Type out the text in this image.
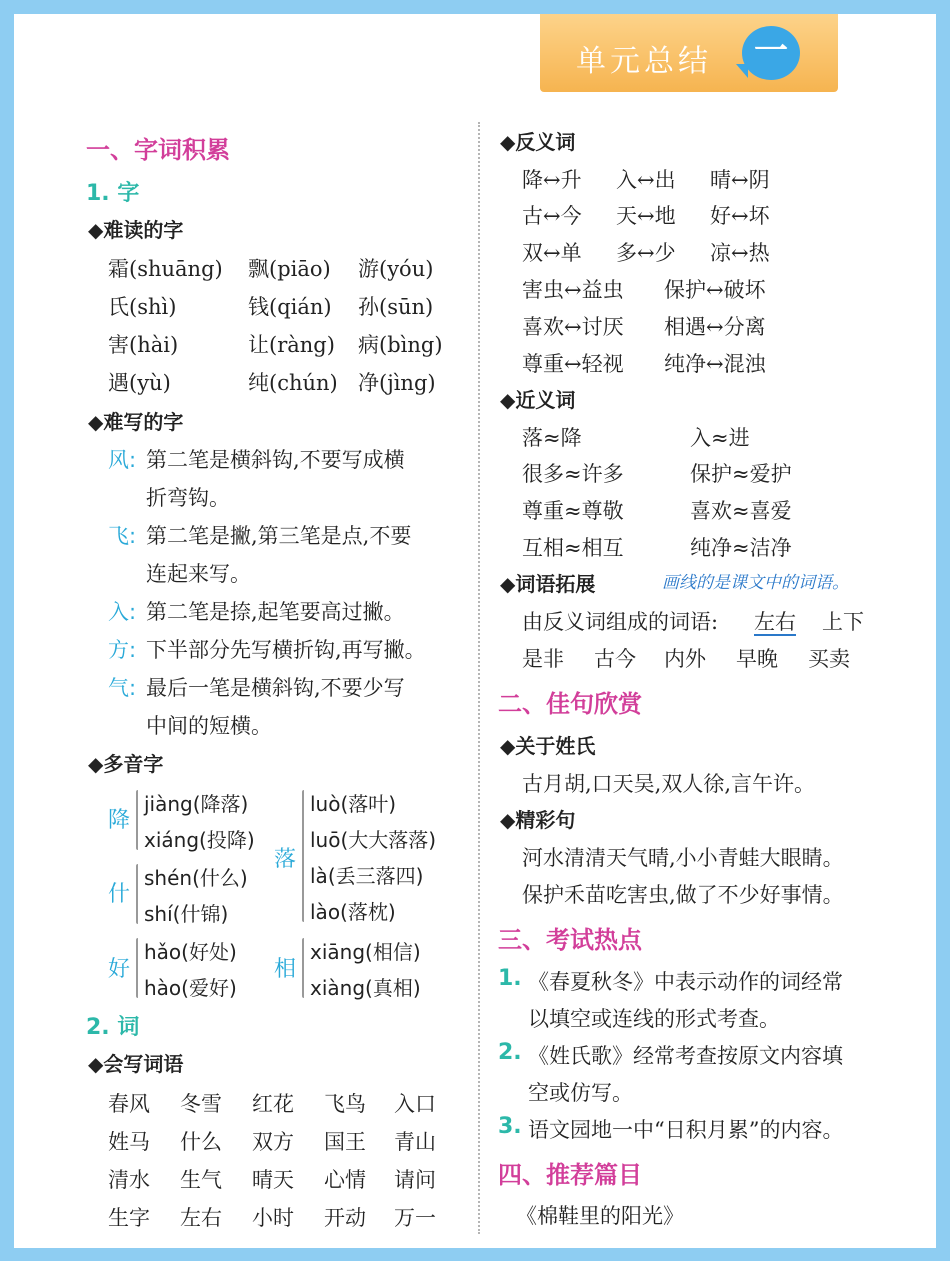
单元总结	一
一、字词积累
1. 字
◆难读的字
霜(shuāng) 飘(piāo) 游(yóu)
氏(shì)	钱(qián) 孙(sūn)
害(hài)	让(ràng) 病(bìng)
遇(yù)	纯(chún) 净(jìng)
◆难写的字
风: 第二笔是横斜钩,不要写成横
折弯钩。
飞: 第二笔是撇,第三笔是点,不要
连起来写。
入: 第二笔是捺,起笔要高过撇。
方: 下半部分先写横折钩,再写撇。
气: 最后一笔是横斜钩,不要少写
中间的短横。
◆多音字
降
jiàng(降落)
xiáng(投降)
什
shén(什么)
shí(什锦)
好
hǎo(好处)
hào(爱好)
落
luò(落叶)
luō(大大落落)
là(丢三落四)
lào(落枕)
相
xiāng(相信)
xiàng(真相)
2. 词
◆会写词语
春风 冬雪 红花 飞鸟 入口
姓马 什么 双方 国王 青山
清水 生气 晴天 心情 请问
生字 左右 小时 开动 万一
◆反义词
降↔升 入↔出 晴↔阴
古↔今 天↔地 好↔坏
双↔单 多↔少 凉↔热
害虫↔益虫 保护↔破坏
喜欢↔讨厌 相遇↔分离
尊重↔轻视 纯净↔混浊
◆近义词
落≈降	入≈进
很多≈许多	保护≈爱护
尊重≈尊敬	喜欢≈喜爱
互相≈相互	纯净≈洁净
◆词语拓展	画线的是课文中的词语。
由反义词组成的词语: 左右 上下
是非 古今 内外 早晚 买卖
二、佳句欣赏
◆关于姓氏
古月胡,口天吴,双人徐,言午许。
◆精彩句
河水清清天气晴,小小青蛙大眼睛。
保护禾苗吃害虫,做了不少好事情。
三、考试热点
1. 《春夏秋冬》中表示动作的词经常
以填空或连线的形式考查。
2. 《姓氏歌》经常考查按原文内容填
空或仿写。
3. 语文园地一中“日积月累”的内容。
四、推荐篇目
《棉鞋里的阳光》
